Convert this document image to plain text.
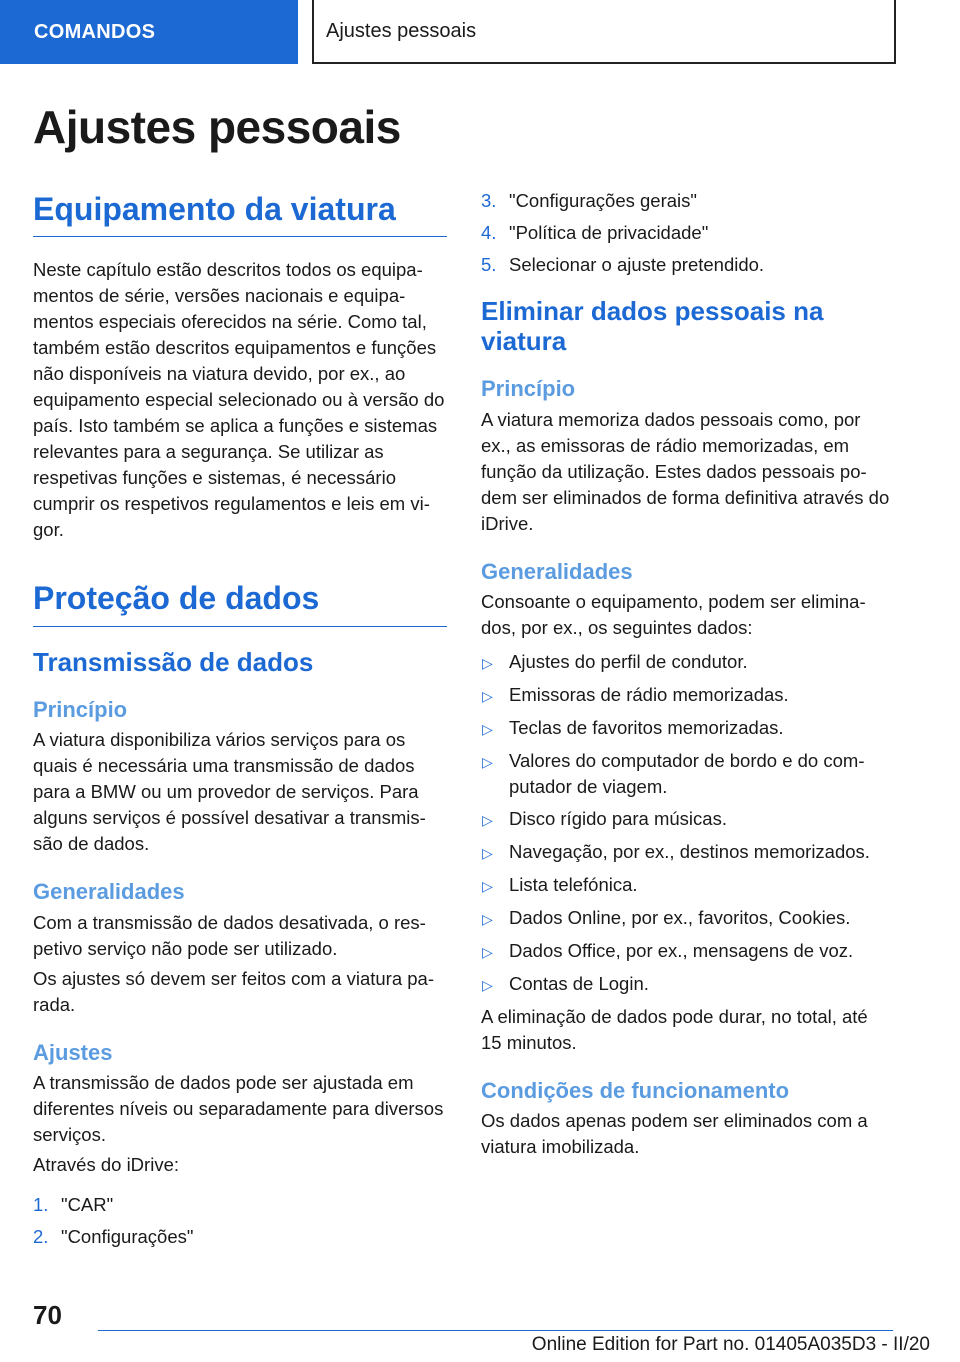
COMANDOS	Ajustes pessoais
Ajustes pessoais
Equipamento da viatura

Neste capítulo estão descritos todos os equipamentos de série, versões nacionais e equipamentos especiais oferecidos na série. Como tal, também estão descritos equipamentos e funções não disponíveis na viatura devido, por ex., ao equipamento especial selecionado ou à versão do país. Isto também se aplica a funções e sistemas relevantes para a segurança. Se utilizar as respetivas funções e sistemas, é necessário cumprir os respetivos regulamentos e leis em vigor.

Proteção de dados
Transmissão de dados
Princípio

A viatura disponibiliza vários serviços para os quais é necessária uma transmissão de dados para a BMW ou um provedor de serviços. Para alguns serviços é possível desativar a transmissão de dados.

Generalidades

Com a transmissão de dados desativada, o respetivo serviço não pode ser utilizado.

Os ajustes só devem ser feitos com a viatura parada.

Ajustes

A transmissão de dados pode ser ajustada em diferentes níveis ou separadamente para diversos serviços.

Através do iDrive:

1. "CAR"
2. "Configurações"
3. "Configurações gerais"
4. "Política de privacidade"
5. Selecionar o ajuste pretendido.
Eliminar dados pessoais na viatura
Princípio

A viatura memoriza dados pessoais como, por ex., as emissoras de rádio memorizadas, em função da utilização. Estes dados pessoais podem ser eliminados de forma definitiva através do iDrive.

Generalidades

Consoante o equipamento, podem ser eliminados, por ex., os seguintes dados:

▷ Ajustes do perfil de condutor.
▷ Emissoras de rádio memorizadas.
▷ Teclas de favoritos memorizadas.
▷ Valores do computador de bordo e do computador de viagem.
▷ Disco rígido para músicas.
▷ Navegação, por ex., destinos memorizados.
▷ Lista telefónica.
▷ Dados Online, por ex., favoritos, Cookies.
▷ Dados Office, por ex., mensagens de voz.
▷ Contas de Login.

A eliminação de dados pode durar, no total, até 15 minutos.

Condições de funcionamento

Os dados apenas podem ser eliminados com a viatura imobilizada.

70
Online Edition for Part no. 01405A035D3 - II/20
